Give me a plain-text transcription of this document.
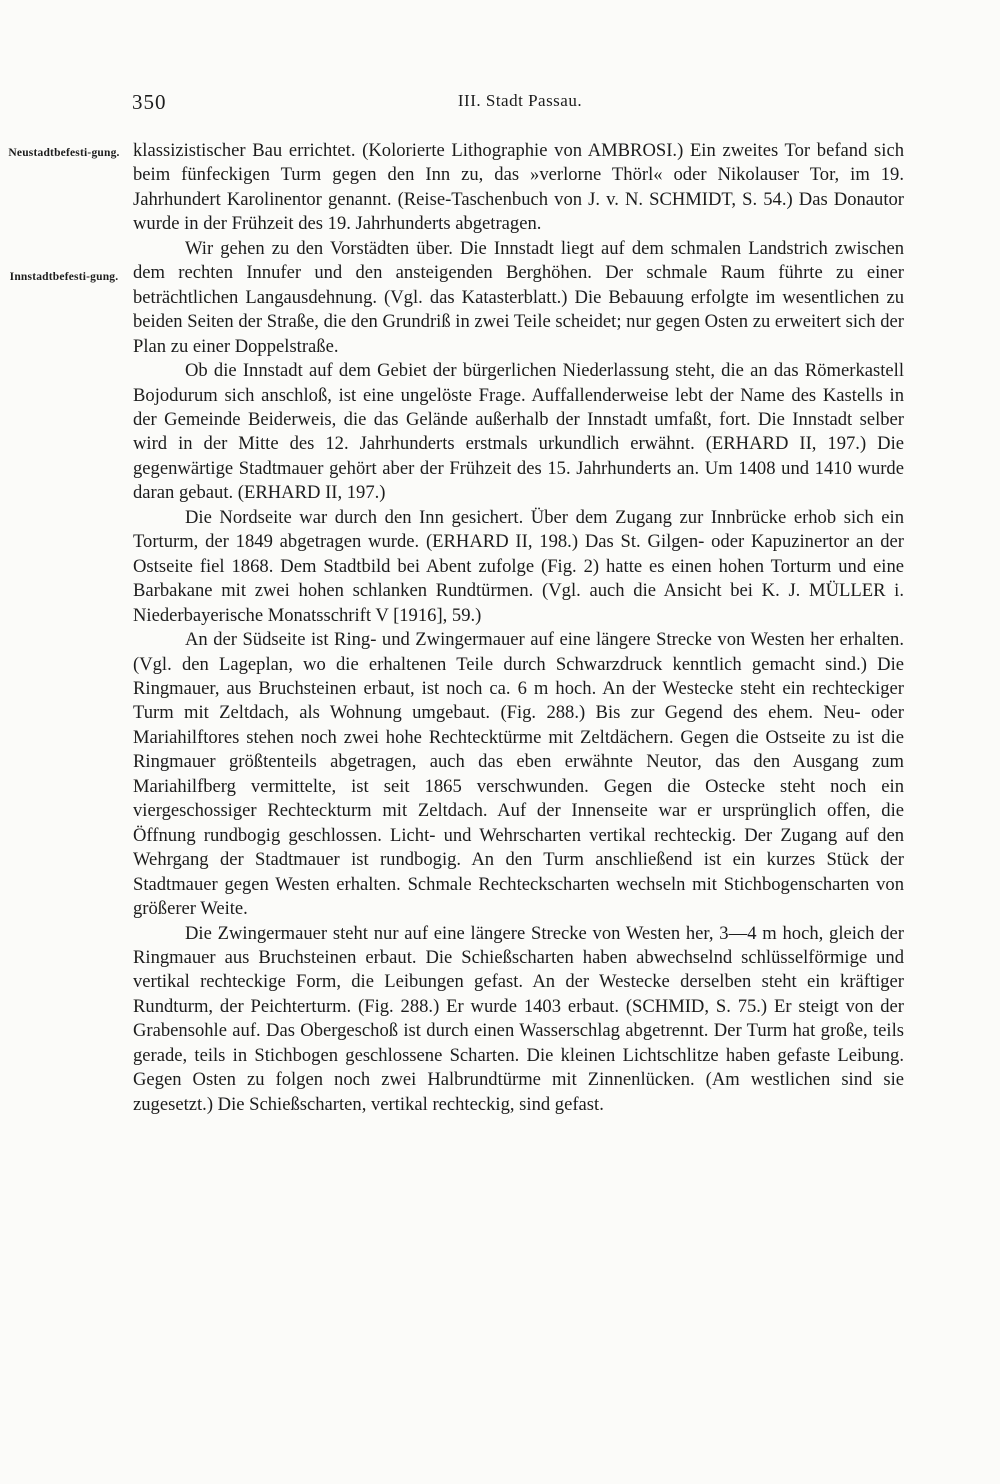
350	III. Stadt Passau.
Neustadtbefesti-gung.
Innstadtbefesti-gung.

klassizistischer Bau errichtet. (Kolorierte Lithographie von AMBROSI.) Ein zweites Tor befand sich beim fünfeckigen Turm gegen den Inn zu, das »verlorne Thörl« oder Nikolauser Tor, im 19. Jahrhundert Karolinentor genannt. (Reise-Taschenbuch von J. v. N. SCHMIDT, S. 54.) Das Donautor wurde in der Frühzeit des 19. Jahrhunderts abgetragen.

Wir gehen zu den Vorstädten über. Die Innstadt liegt auf dem schmalen Landstrich zwischen dem rechten Innufer und den ansteigenden Berghöhen. Der schmale Raum führte zu einer beträchtlichen Langausdehnung. (Vgl. das Katasterblatt.) Die Bebauung erfolgte im wesentlichen zu beiden Seiten der Straße, die den Grundriß in zwei Teile scheidet; nur gegen Osten zu erweitert sich der Plan zu einer Doppelstraße.

Ob die Innstadt auf dem Gebiet der bürgerlichen Niederlassung steht, die an das Römerkastell Bojodurum sich anschloß, ist eine ungelöste Frage. Auffallenderweise lebt der Name des Kastells in der Gemeinde Beiderweis, die das Gelände außerhalb der Innstadt umfaßt, fort. Die Innstadt selber wird in der Mitte des 12. Jahrhunderts erstmals urkundlich erwähnt. (ERHARD II, 197.) Die gegenwärtige Stadtmauer gehört aber der Frühzeit des 15. Jahrhunderts an. Um 1408 und 1410 wurde daran gebaut. (ERHARD II, 197.)

Die Nordseite war durch den Inn gesichert. Über dem Zugang zur Innbrücke erhob sich ein Torturm, der 1849 abgetragen wurde. (ERHARD II, 198.) Das St. Gilgen- oder Kapuzinertor an der Ostseite fiel 1868. Dem Stadtbild bei Abent zufolge (Fig. 2) hatte es einen hohen Torturm und eine Barbakane mit zwei hohen schlanken Rundtürmen. (Vgl. auch die Ansicht bei K. J. MÜLLER i. Niederbayerische Monatsschrift V [1916], 59.)

An der Südseite ist Ring- und Zwingermauer auf eine längere Strecke von Westen her erhalten. (Vgl. den Lageplan, wo die erhaltenen Teile durch Schwarzdruck kenntlich gemacht sind.) Die Ringmauer, aus Bruchsteinen erbaut, ist noch ca. 6 m hoch. An der Westecke steht ein rechteckiger Turm mit Zeltdach, als Wohnung umgebaut. (Fig. 288.) Bis zur Gegend des ehem. Neu- oder Mariahilftores stehen noch zwei hohe Rechtecktürme mit Zeltdächern. Gegen die Ostseite zu ist die Ringmauer größtenteils abgetragen, auch das eben erwähnte Neutor, das den Ausgang zum Mariahilfberg vermittelte, ist seit 1865 verschwunden. Gegen die Ostecke steht noch ein viergeschossiger Rechteckturm mit Zeltdach. Auf der Innenseite war er ursprünglich offen, die Öffnung rundbogig geschlossen. Licht- und Wehrscharten vertikal rechteckig. Der Zugang auf den Wehrgang der Stadtmauer ist rundbogig. An den Turm anschließend ist ein kurzes Stück der Stadtmauer gegen Westen erhalten. Schmale Rechteckscharten wechseln mit Stichbogenscharten von größerer Weite.

Die Zwingermauer steht nur auf eine längere Strecke von Westen her, 3—4 m hoch, gleich der Ringmauer aus Bruchsteinen erbaut. Die Schießscharten haben abwechselnd schlüsselförmige und vertikal rechteckige Form, die Leibungen gefast. An der Westecke derselben steht ein kräftiger Rundturm, der Peichterturm. (Fig. 288.) Er wurde 1403 erbaut. (SCHMID, S. 75.) Er steigt von der Grabensohle auf. Das Obergeschoß ist durch einen Wasserschlag abgetrennt. Der Turm hat große, teils gerade, teils in Stichbogen geschlossene Scharten. Die kleinen Lichtschlitze haben gefaste Leibung. Gegen Osten zu folgen noch zwei Halbrundtürme mit Zinnenlücken. (Am westlichen sind sie zugesetzt.) Die Schießscharten, vertikal rechteckig, sind gefast.
